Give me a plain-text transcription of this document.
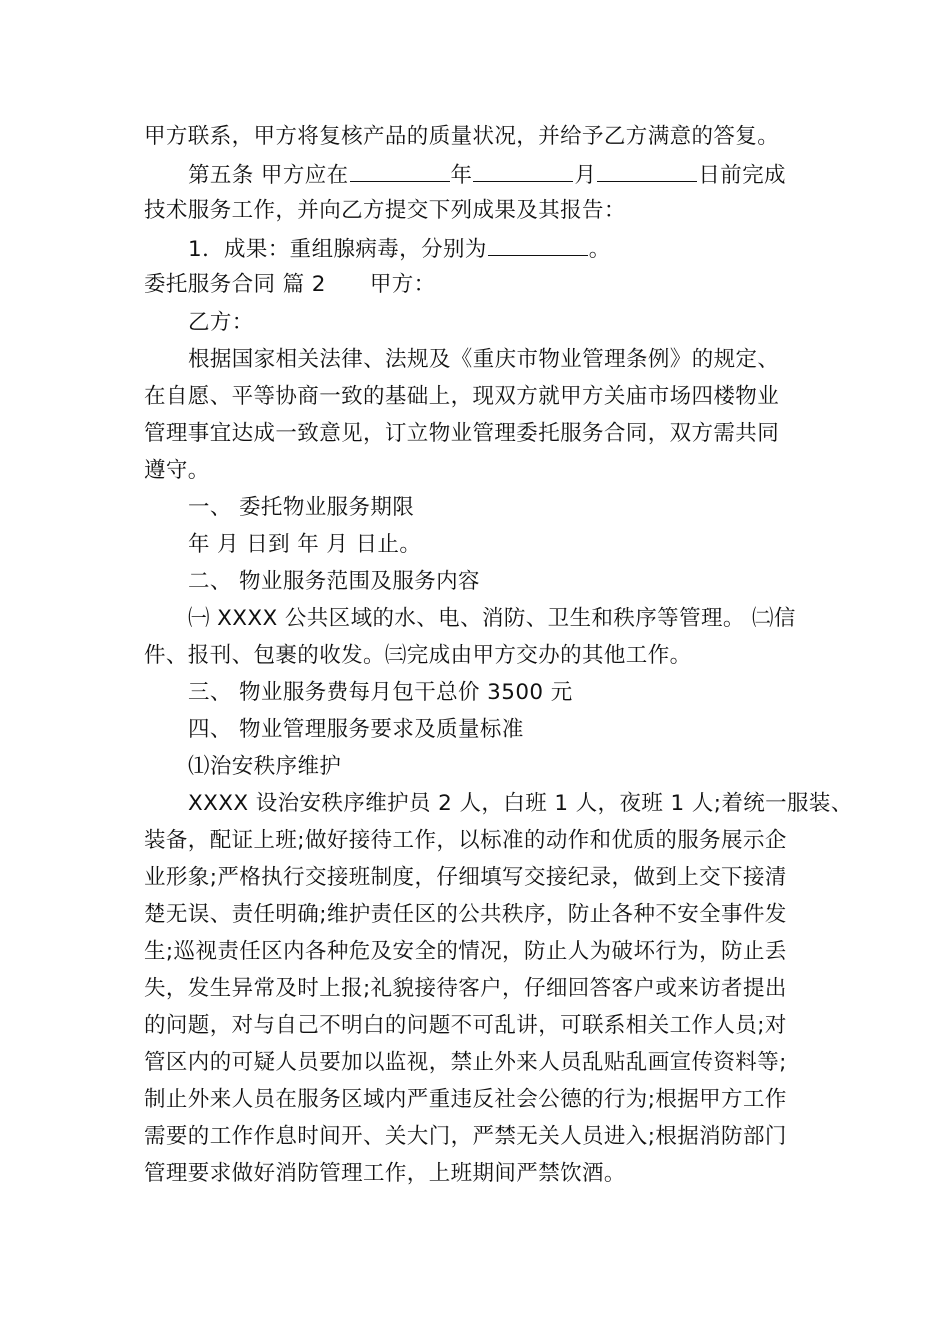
甲方联系，甲方将复核产品的质量状况，并给予乙方满意的答复。
第五条 甲方应在	年	月	日前完成
技术服务工作，并向乙方提交下列成果及其报告：
1．成果：重组腺病毒，分别为	。
委托服务合同 篇 2 甲方：
乙方：
根据国家相关法律、法规及《重庆市物业管理条例》的规定、
在自愿、平等协商一致的基础上，现双方就甲方关庙市场四楼物业
管理事宜达成一致意见，订立物业管理委托服务合同，双方需共同
遵守。
一、 委托物业服务期限
年 月 日到 年 月 日止。
二、 物业服务范围及服务内容
㈠ XXXX 公共区域的水、电、消防、卫生和秩序等管理。 ㈡信
件、报刊、包裹的收发。㈢完成由甲方交办的其他工作。
三、 物业服务费每月包干总价 3500 元
四、 物业管理服务要求及质量标准
⑴治安秩序维护
XXXX 设治安秩序维护员 2 人，白班 1 人，夜班 1 人;着统一服装、
装备，配证上班;做好接待工作，以标准的动作和优质的服务展示企
业形象;严格执行交接班制度，仔细填写交接纪录，做到上交下接清
楚无误、责任明确;维护责任区的公共秩序，防止各种不安全事件发
生;巡视责任区内各种危及安全的情况，防止人为破坏行为，防止丢
失，发生异常及时上报;礼貌接待客户，仔细回答客户或来访者提出
的问题，对与自己不明白的问题不可乱讲，可联系相关工作人员;对
管区内的可疑人员要加以监视，禁止外来人员乱贴乱画宣传资料等;
制止外来人员在服务区域内严重违反社会公德的行为;根据甲方工作
需要的工作作息时间开、关大门，严禁无关人员进入;根据消防部门
管理要求做好消防管理工作，上班期间严禁饮酒。
